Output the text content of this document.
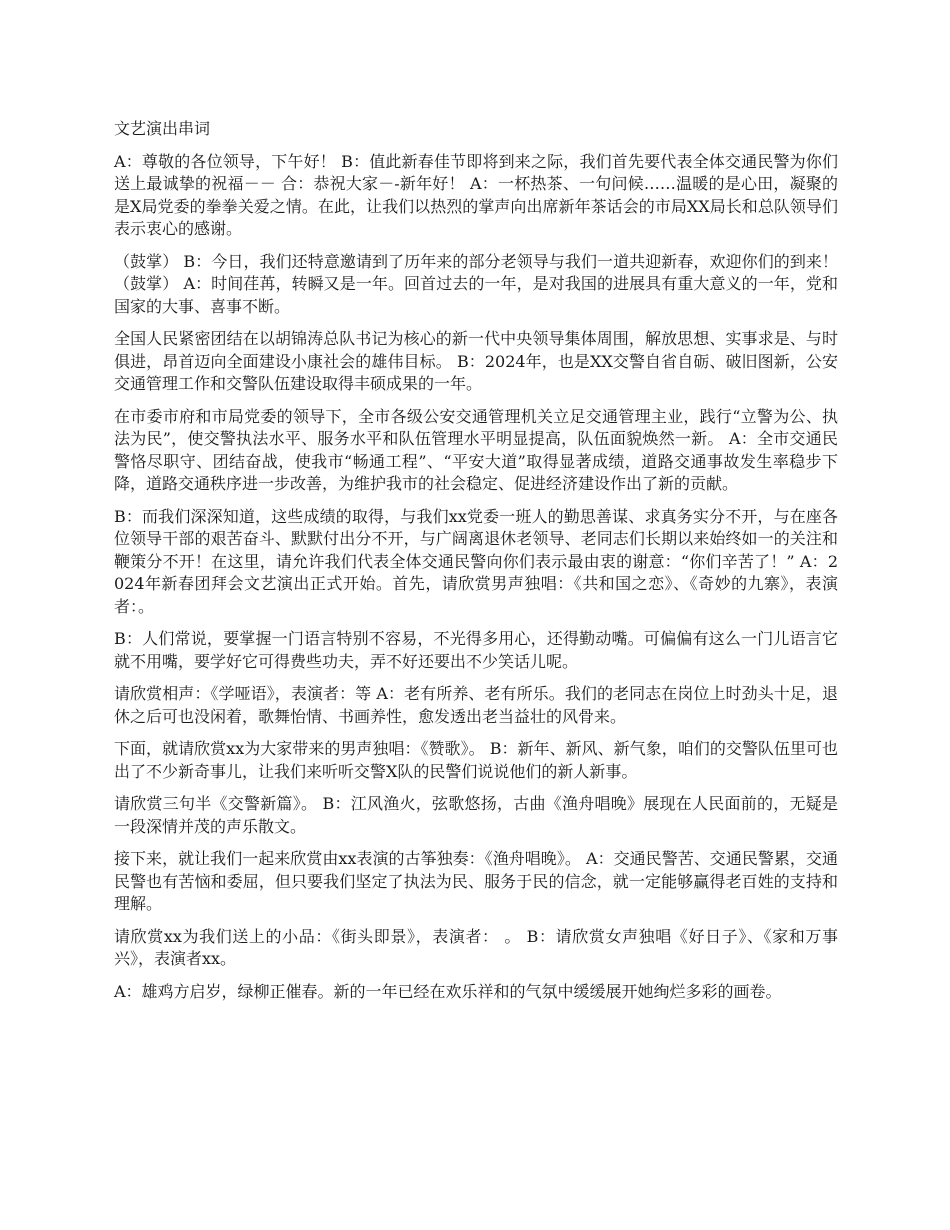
文艺演出串词

A：尊敬的各位领导，下午好！ B：值此新春佳节即将到来之际，我们首先要代表全体交通民警为你们送上最诚挚的祝福－－ 合：恭祝大家－-新年好！ A：一杯热茶、一句问候……温暖的是心田，凝聚的是X局党委的拳拳关爱之情。在此，让我们以热烈的掌声向出席新年茶话会的市局XX局长和总队领导们表示衷心的感谢。

（鼓掌） B：今日，我们还特意邀请到了历年来的部分老领导与我们一道共迎新春，欢迎你们的到来！（鼓掌） A：时间荏苒，转瞬又是一年。回首过去的一年，是对我国的进展具有重大意义的一年，党和国家的大事、喜事不断。

全国人民紧密团结在以胡锦涛总队书记为核心的新一代中央领导集体周围，解放思想、实事求是、与时俱进，昂首迈向全面建设小康社会的雄伟目标。 B：2024年，也是XX交警自省自砺、破旧图新，公安交通管理工作和交警队伍建设取得丰硕成果的一年。

在市委市府和市局党委的领导下，全市各级公安交通管理机关立足交通管理主业，践行“立警为公、执法为民”，使交警执法水平、服务水平和队伍管理水平明显提高，队伍面貌焕然一新。 A：全市交通民警恪尽职守、团结奋战，使我市“畅通工程”、“平安大道”取得显著成绩，道路交通事故发生率稳步下降，道路交通秩序进一步改善，为维护我市的社会稳定、促进经济建设作出了新的贡献。

B：而我们深深知道，这些成绩的取得，与我们xx党委一班人的勤思善谋、求真务实分不开，与在座各位领导干部的艰苦奋斗、默默付出分不开，与广阔离退休老领导、老同志们长期以来始终如一的关注和鞭策分不开！在这里，请允许我们代表全体交通民警向你们表示最由衷的谢意：“你们辛苦了！” A：2024年新春团拜会文艺演出正式开始。首先，请欣赏男声独唱：《共和国之恋》、《奇妙的九寨》，表演者：。

B：人们常说，要掌握一门语言特别不容易，不光得多用心，还得勤动嘴。可偏偏有这么一门儿语言它就不用嘴，要学好它可得费些功夫，弄不好还要出不少笑话儿呢。

请欣赏相声：《学哑语》，表演者：等 A：老有所养、老有所乐。我们的老同志在岗位上时劲头十足，退休之后可也没闲着，歌舞怡情、书画养性，愈发透出老当益壮的风骨来。

下面，就请欣赏xx为大家带来的男声独唱：《赞歌》。 B：新年、新风、新气象，咱们的交警队伍里可也出了不少新奇事儿，让我们来听听交警X队的民警们说说他们的新人新事。

请欣赏三句半《交警新篇》。 B：江风渔火，弦歌悠扬，古曲《渔舟唱晚》展现在人民面前的，无疑是一段深情并茂的声乐散文。

接下来，就让我们一起来欣赏由xx表演的古筝独奏：《渔舟唱晚》。 A：交通民警苦、交通民警累，交通民警也有苦恼和委屈，但只要我们坚定了执法为民、服务于民的信念，就一定能够赢得老百姓的支持和理解。

请欣赏xx为我们送上的小品：《街头即景》，表演者： 。 B：请欣赏女声独唱《好日子》、《家和万事兴》，表演者xx。

A：雄鸡方启岁，绿柳正催春。新的一年已经在欢乐祥和的气氛中缓缓展开她绚烂多彩的画卷。
